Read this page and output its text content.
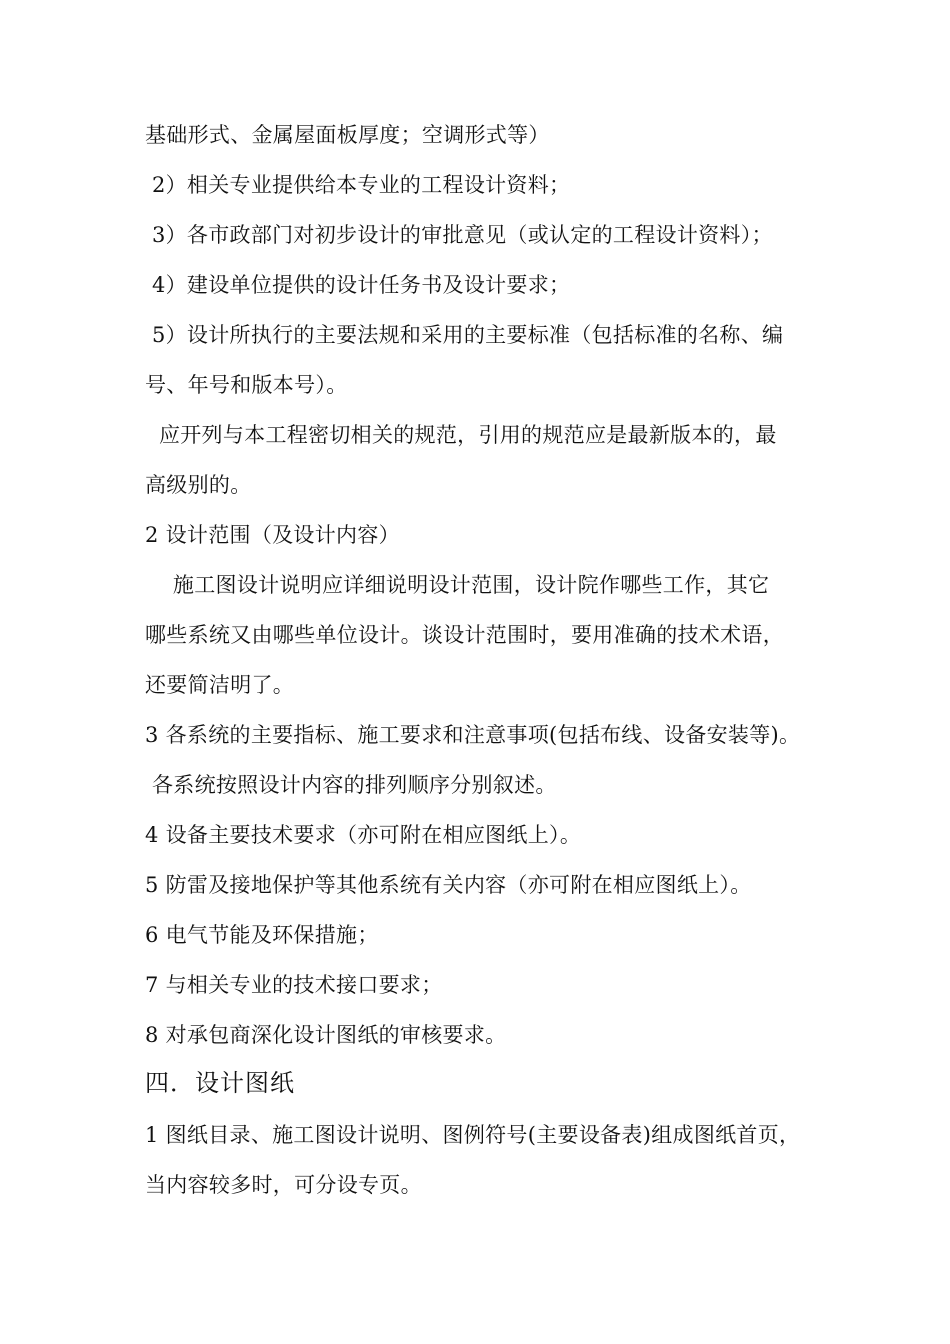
基础形式、金属屋面板厚度；空调形式等）
2）相关专业提供给本专业的工程设计资料；
3）各市政部门对初步设计的审批意见（或认定的工程设计资料）；
4）建设单位提供的设计任务书及设计要求；
5）设计所执行的主要法规和采用的主要标准（包括标准的名称、编
号、年号和版本号）。
应开列与本工程密切相关的规范，引用的规范应是最新版本的，最
高级别的。
2 设计范围（及设计内容）
施工图设计说明应详细说明设计范围，设计院作哪些工作，其它
哪些系统又由哪些单位设计。谈设计范围时，要用准确的技术术语，
还要简洁明了。
3 各系统的主要指标、施工要求和注意事项(包括布线、设备安装等)。
各系统按照设计内容的排列顺序分别叙述。
4 设备主要技术要求（亦可附在相应图纸上）。
5 防雷及接地保护等其他系统有关内容（亦可附在相应图纸上）。
6 电气节能及环保措施；
7 与相关专业的技术接口要求；
8 对承包商深化设计图纸的审核要求。
四．设计图纸
1 图纸目录、施工图设计说明、图例符号(主要设备表)组成图纸首页，
当内容较多时，可分设专页。
